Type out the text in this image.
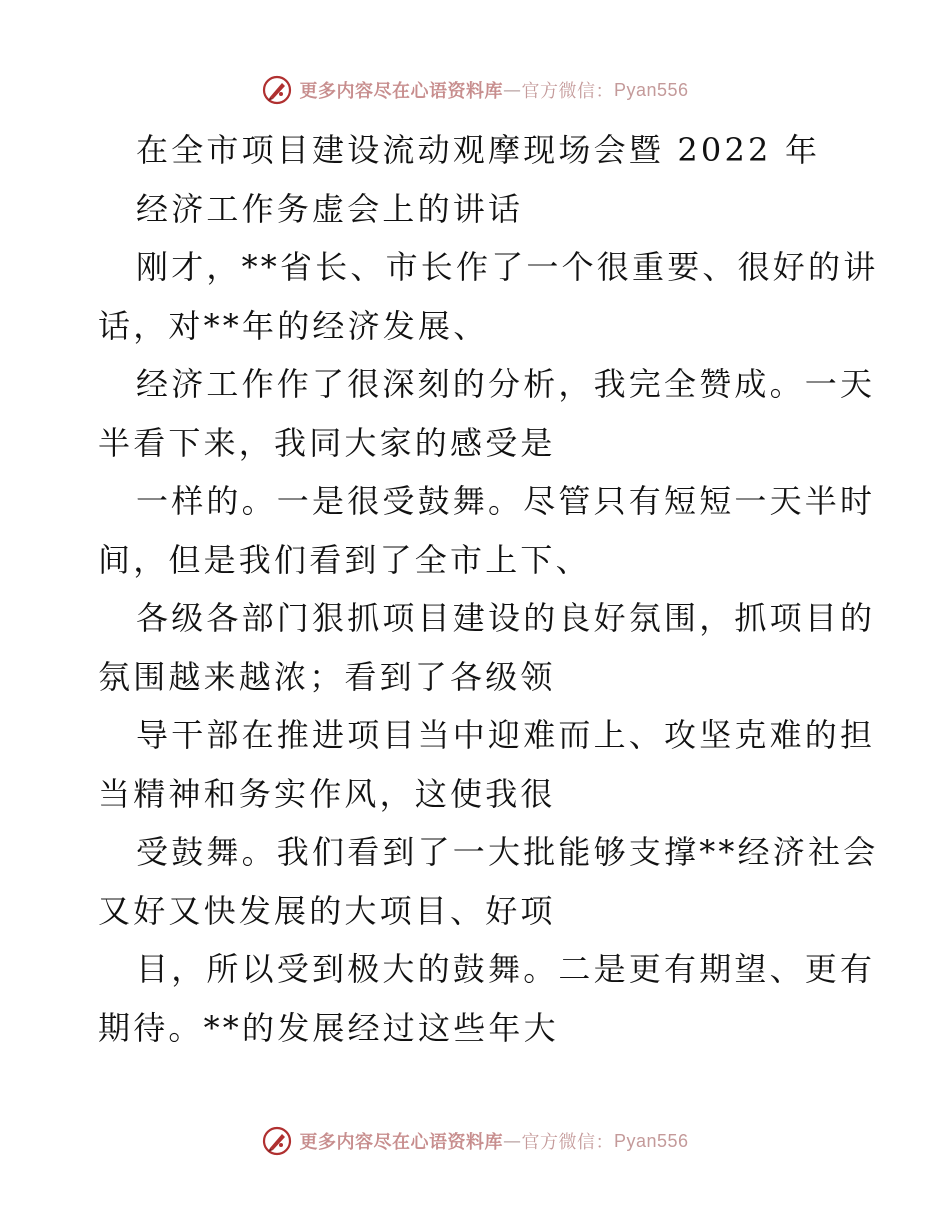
更多内容尽在心语资料库 — 官方微信： Pyan556
在全市项目建设流动观摩现场会暨 2022 年
经济工作务虚会上的讲话
刚才，**省长、市长作了一个很重要、很好的讲
话，对**年的经济发展、
经济工作作了很深刻的分析，我完全赞成。一天
半看下来，我同大家的感受是
一样的。一是很受鼓舞。尽管只有短短一天半时
间，但是我们看到了全市上下、
各级各部门狠抓项目建设的良好氛围，抓项目的
氛围越来越浓；看到了各级领
导干部在推进项目当中迎难而上、攻坚克难的担
当精神和务实作风，这使我很
受鼓舞。我们看到了一大批能够支撑**经济社会
又好又快发展的大项目、好项
目，所以受到极大的鼓舞。二是更有期望、更有
期待。**的发展经过这些年大
更多内容尽在心语资料库 — 官方微信： Pyan556
